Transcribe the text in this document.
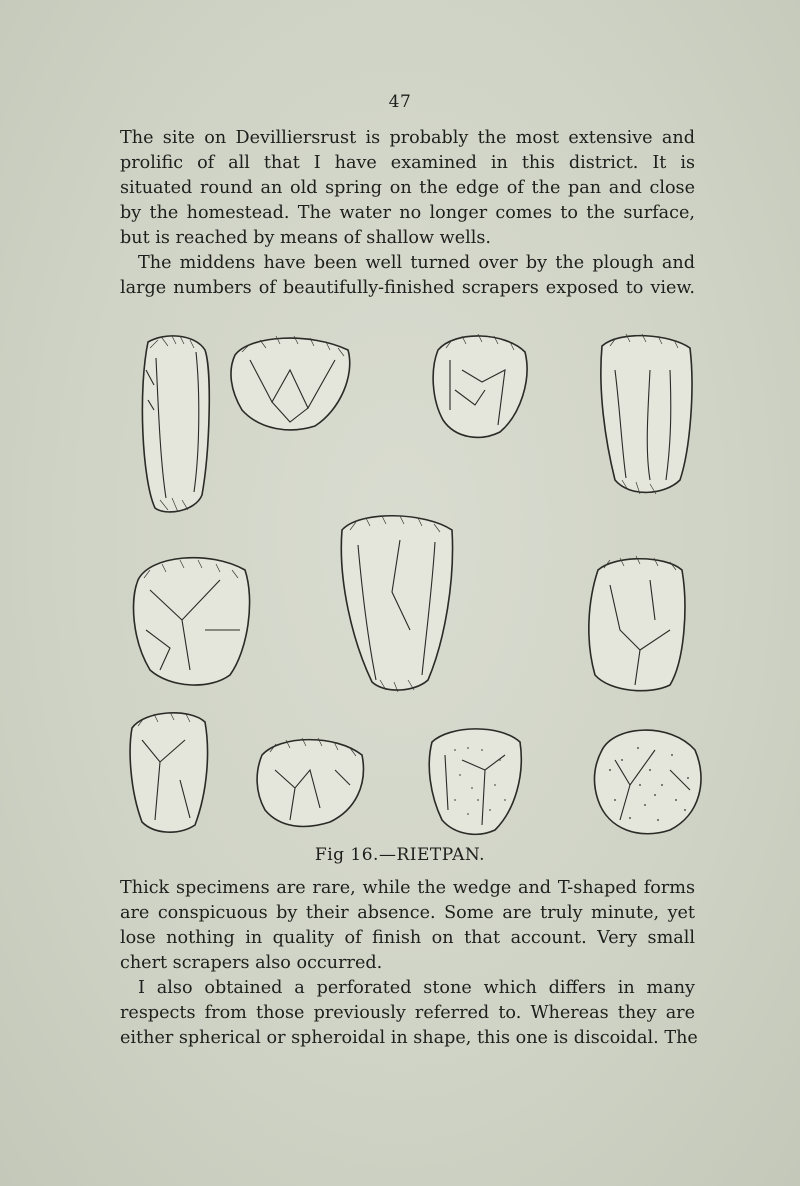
47
The site on Devilliersrust is probably the most extensive and
prolific of all that I have examined in this district. It is
situated round an old spring on the edge of the pan and close
by the homestead. The water no longer comes to the surface,
but is reached by means of shallow wells.
The middens have been well turned over by the plough and
large numbers of beautifully-finished scrapers exposed to view.
Fig 16.—RIETPAN.
Thick specimens are rare, while the wedge and T-shaped forms
are conspicuous by their absence. Some are truly minute, yet
lose nothing in quality of finish on that account. Very small
chert scrapers also occurred.
I also obtained a perforated stone which differs in many
respects from those previously referred to. Whereas they are
either spherical or spheroidal in shape, this one is discoidal. The
